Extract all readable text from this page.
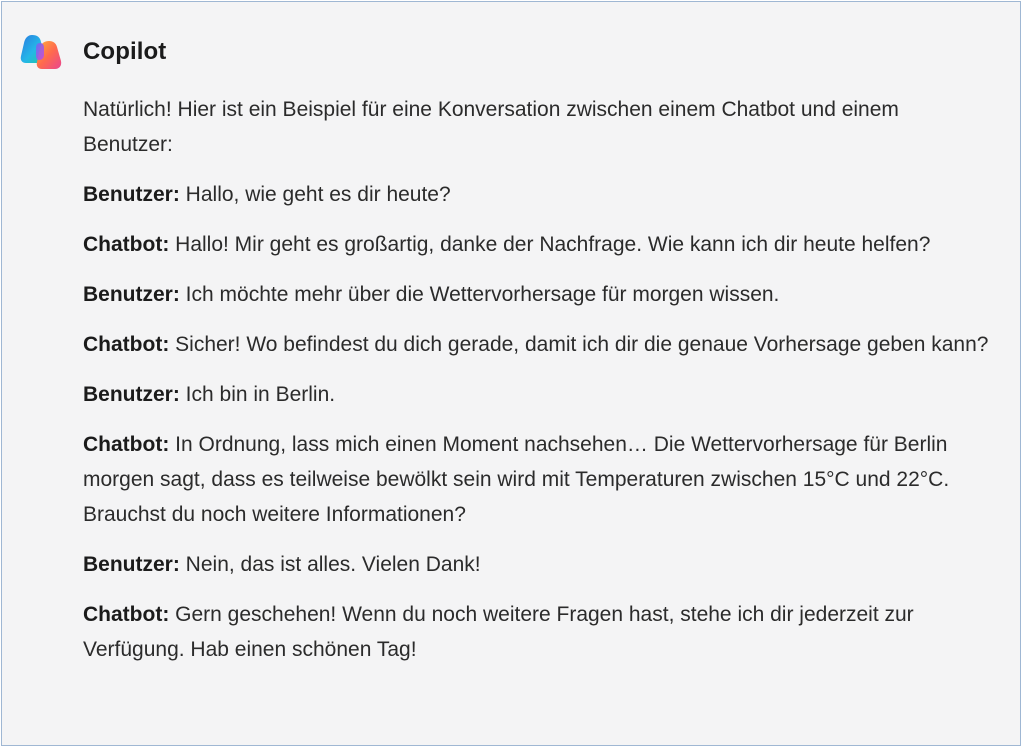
Copilot

Natürlich! Hier ist ein Beispiel für eine Konversation zwischen einem Chatbot und einem Benutzer:

Benutzer: Hallo, wie geht es dir heute?

Chatbot: Hallo! Mir geht es großartig, danke der Nachfrage. Wie kann ich dir heute helfen?

Benutzer: Ich möchte mehr über die Wettervorhersage für morgen wissen.

Chatbot: Sicher! Wo befindest du dich gerade, damit ich dir die genaue Vorhersage geben kann?

Benutzer: Ich bin in Berlin.

Chatbot: In Ordnung, lass mich einen Moment nachsehen… Die Wettervorhersage für Berlin morgen sagt, dass es teilweise bewölkt sein wird mit Temperaturen zwischen 15°C und 22°C. Brauchst du noch weitere Informationen?

Benutzer: Nein, das ist alles. Vielen Dank!

Chatbot: Gern geschehen! Wenn du noch weitere Fragen hast, stehe ich dir jederzeit zur Verfügung. Hab einen schönen Tag!
